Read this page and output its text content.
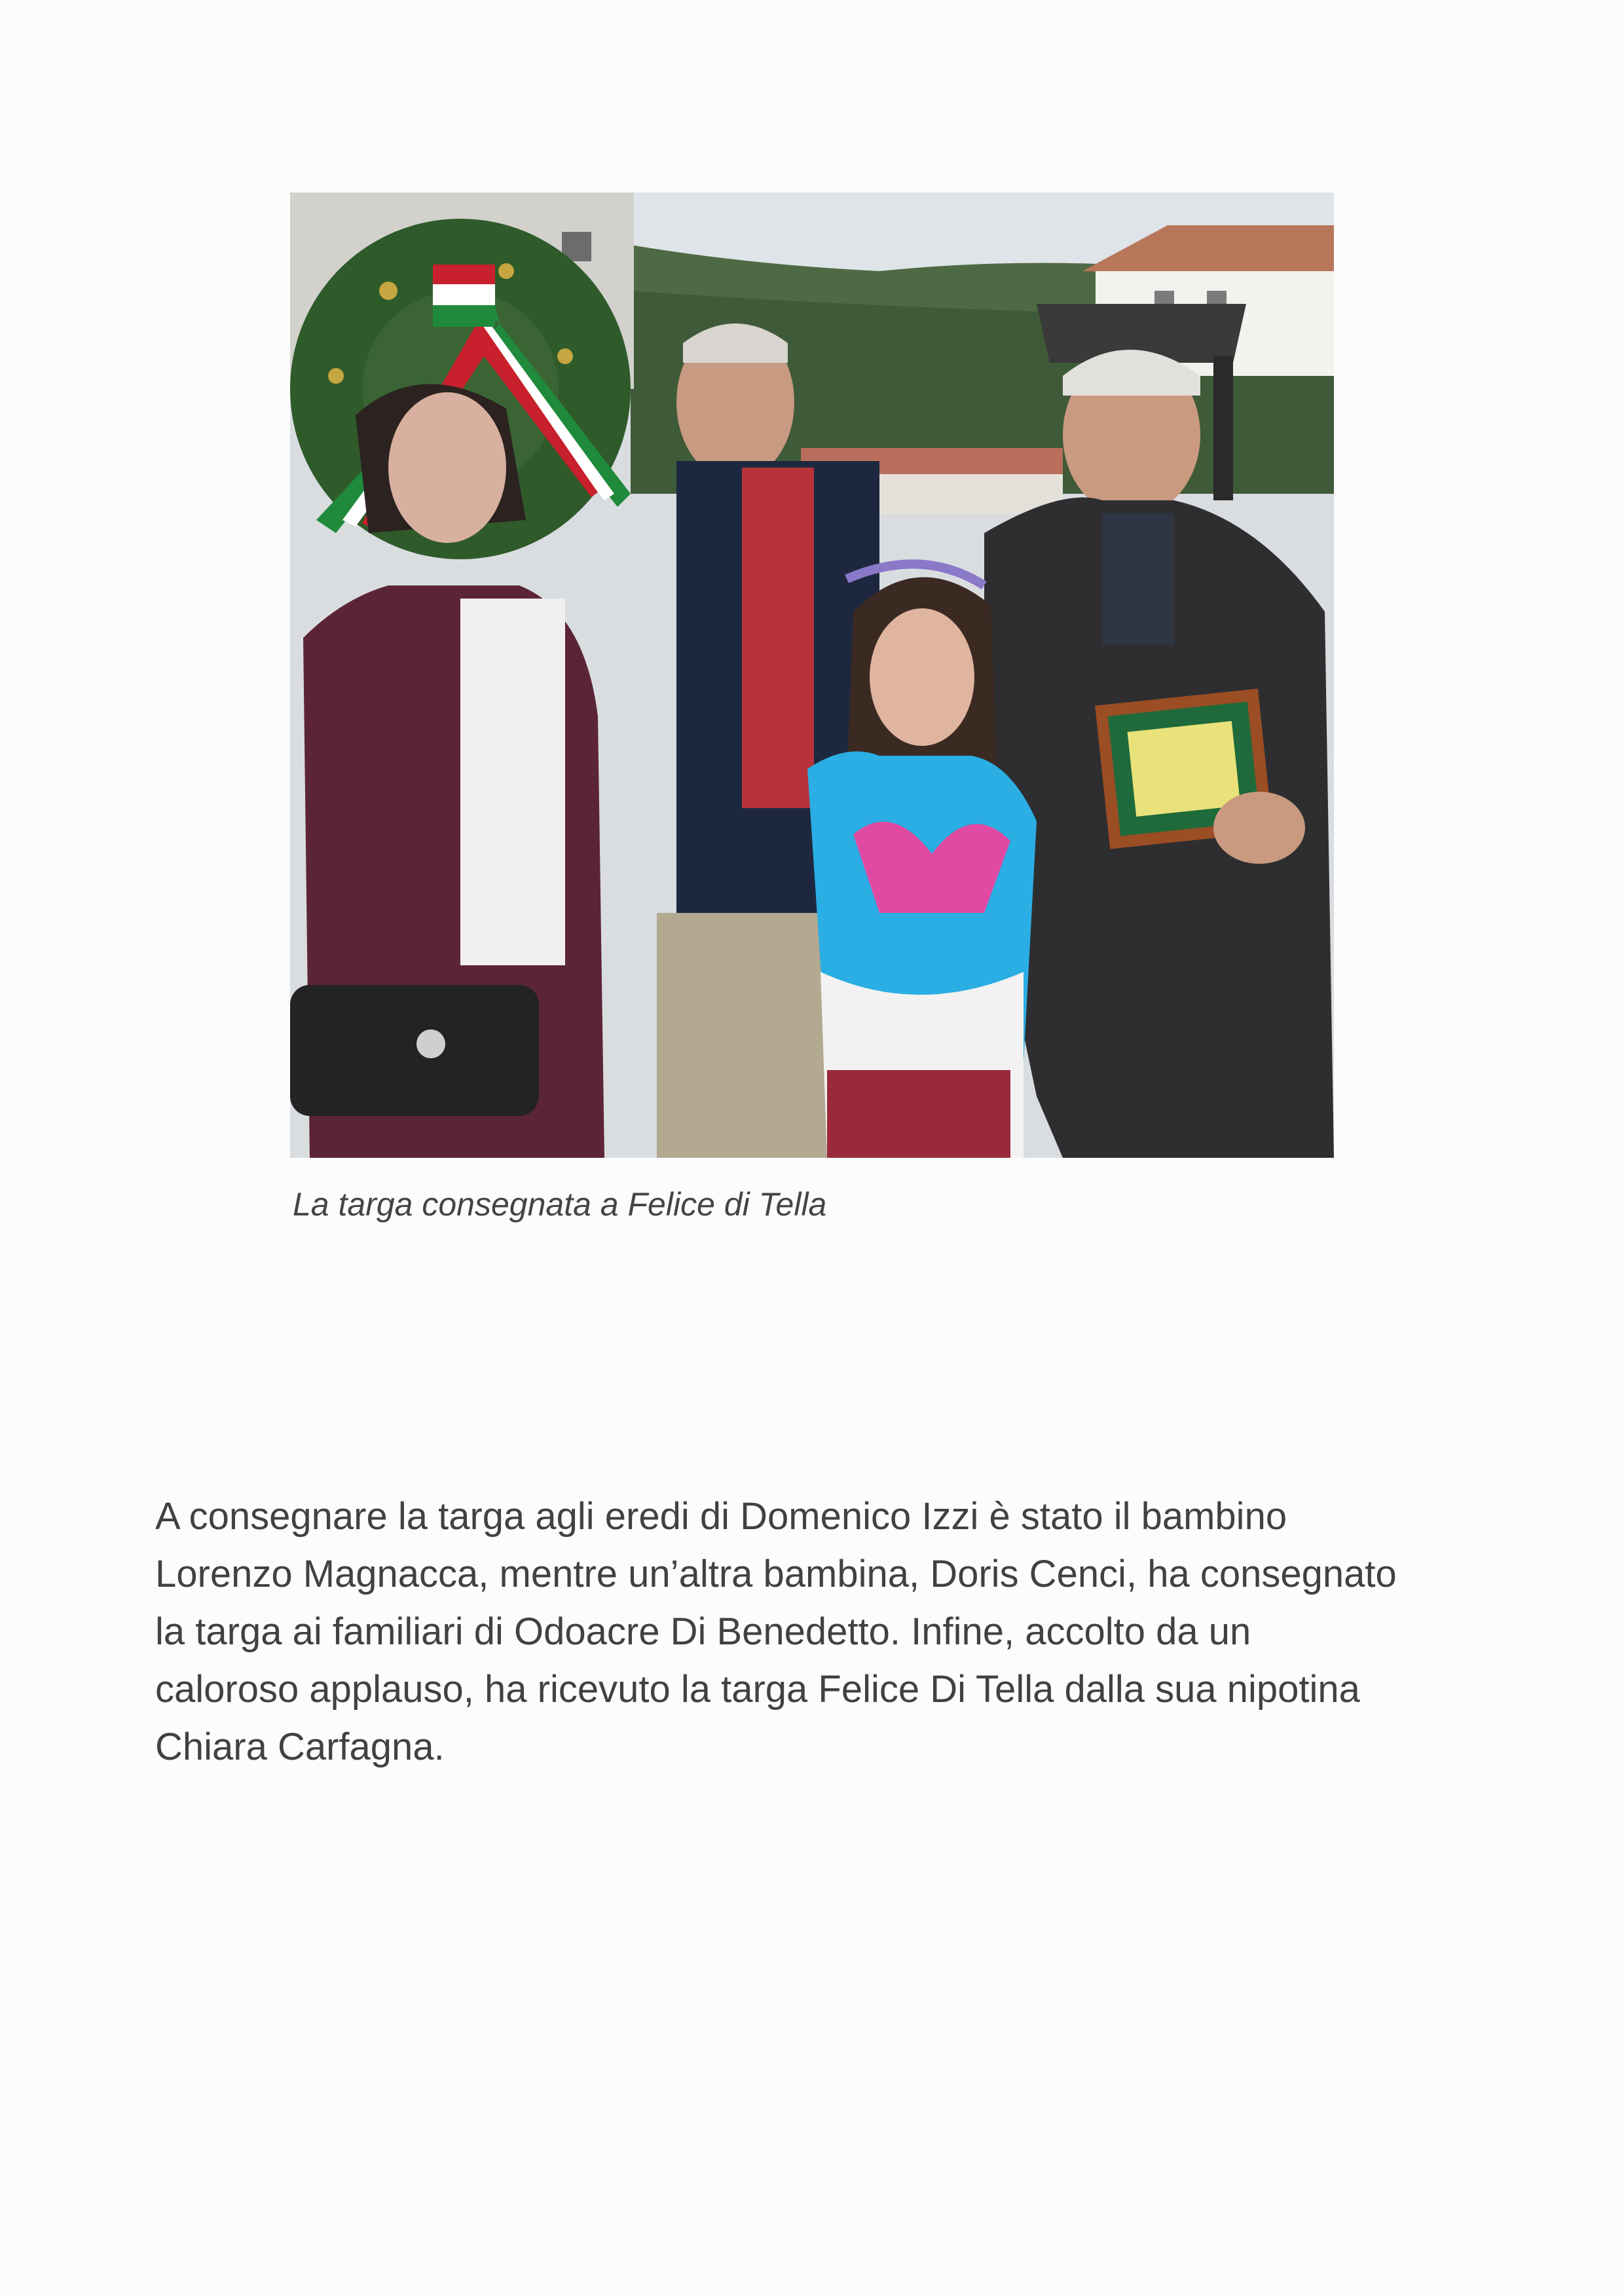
La targa consegnata a Felice di Tella
A consegnare la targa agli eredi di Domenico Izzi è stato il bambino
Lorenzo Magnacca, mentre un’altra bambina, Doris Cenci, ha consegnato
la targa ai familiari di Odoacre Di Benedetto. Infine, accolto da un
caloroso applauso, ha ricevuto la targa Felice Di Tella dalla sua nipotina
Chiara Carfagna.
